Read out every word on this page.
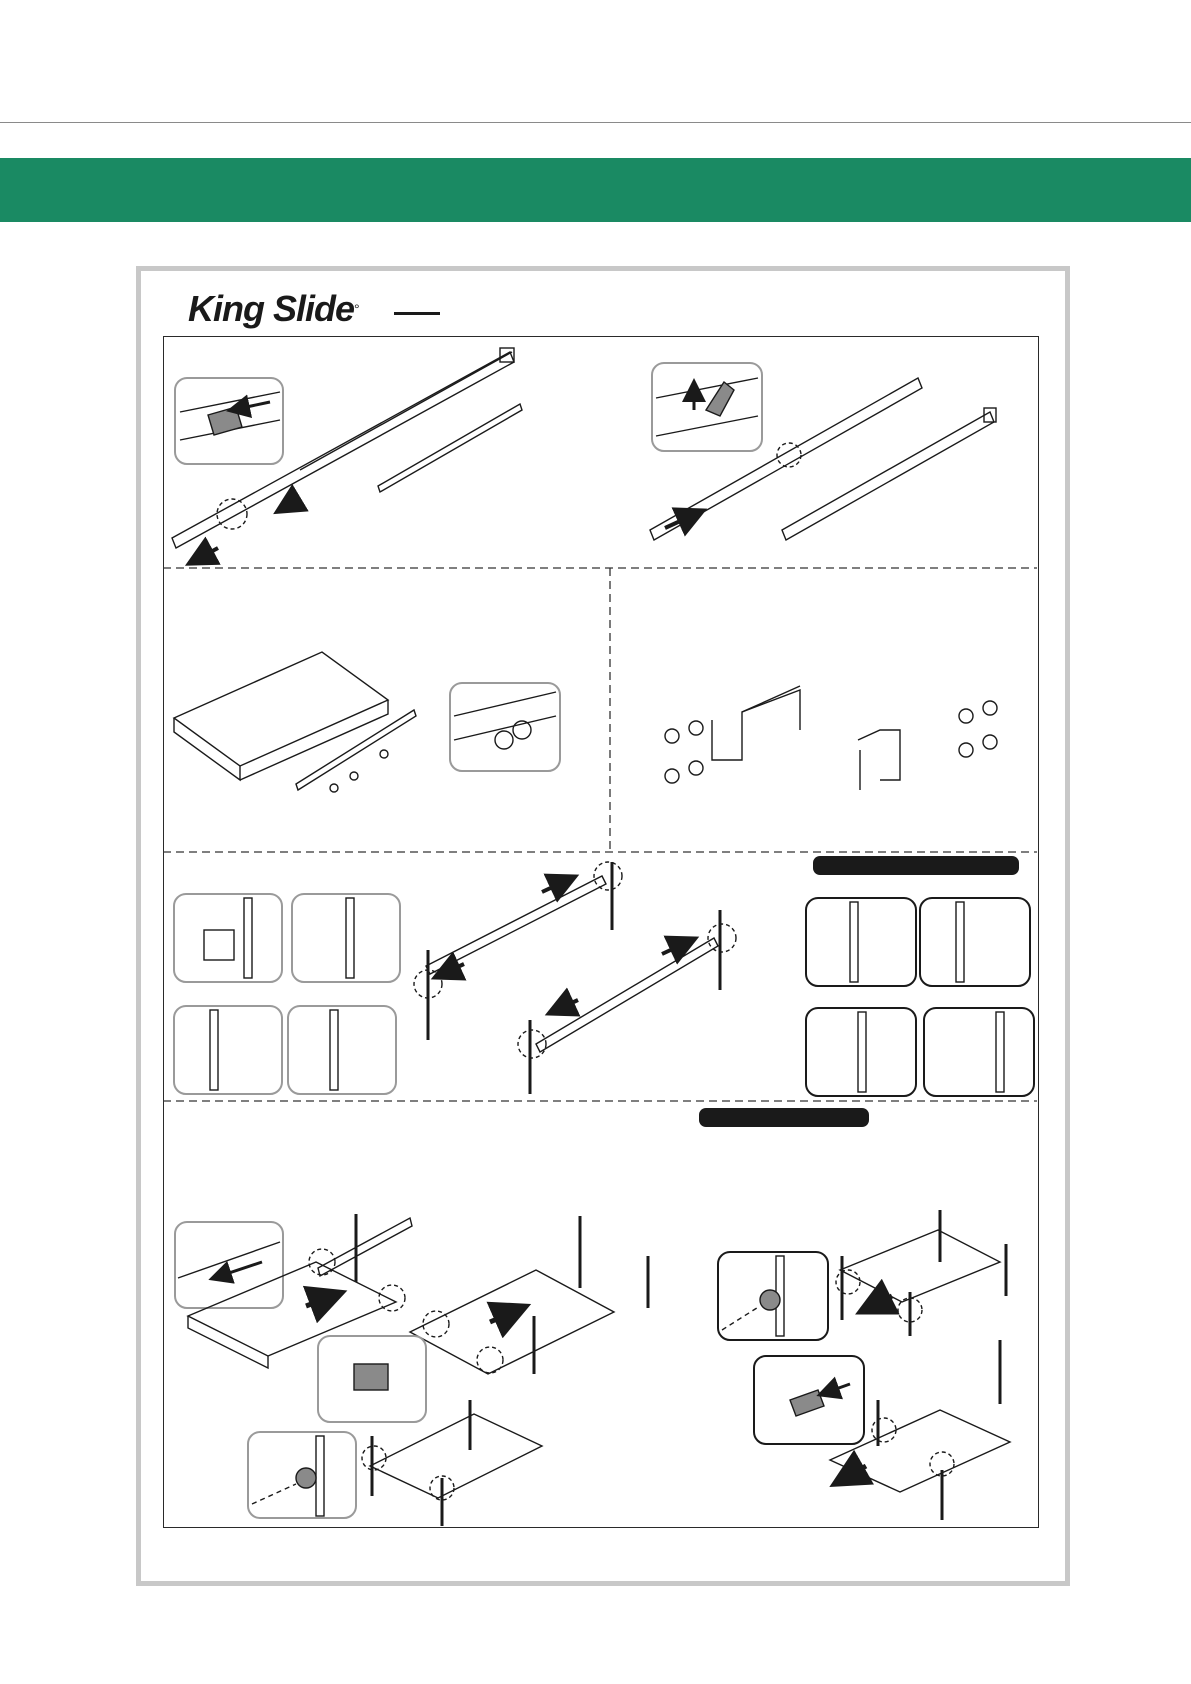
King Slide°
